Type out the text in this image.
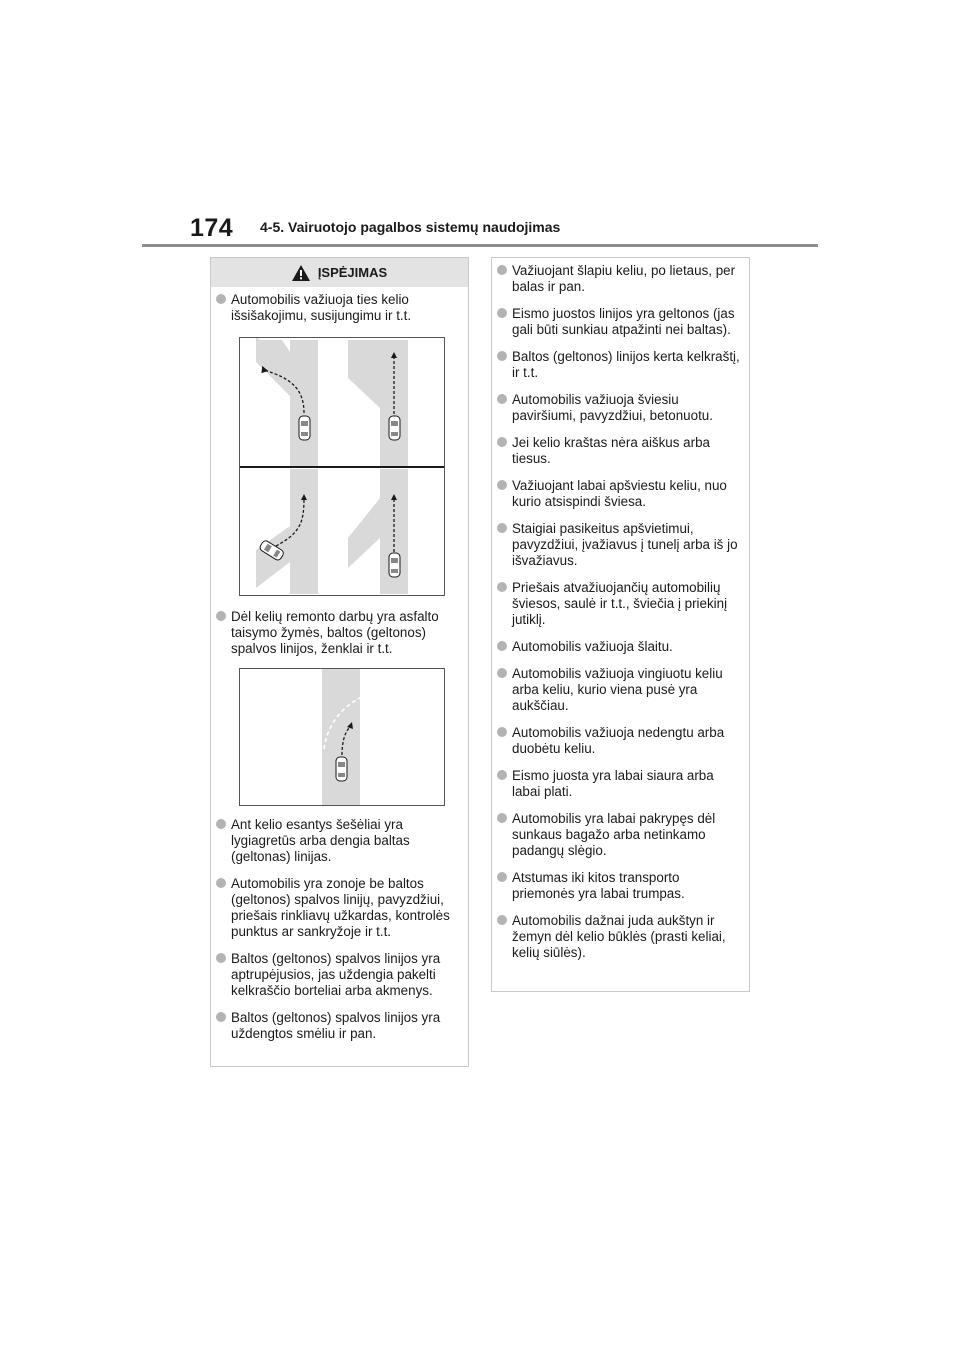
174 4-5. Vairuotojo pagalbos sistemų naudojimas
ĮSPĖJIMAS

Automobilis važiuoja ties kelio išsišakojimu, susijungimu ir t.t.

Dėl kelių remonto darbų yra asfalto taisymo žymės, baltos (geltonos) spalvos linijos, ženklai ir t.t.

Ant kelio esantys šešėliai yra lygiagretūs arba dengia baltas (geltonas) linijas.

Automobilis yra zonoje be baltos (geltonos) spalvos linijų, pavyzdžiui, priešais rinkliavų užkardas, kontrolės punktus ar sankryžoje ir t.t.

Baltos (geltonos) spalvos linijos yra aptrupėjusios, jas uždengia pakelti kelkraščio borteliai arba akmenys.

Baltos (geltonos) spalvos linijos yra uždengtos smėliu ir pan.

Važiuojant šlapiu keliu, po lietaus, per balas ir pan.

Eismo juostos linijos yra geltonos (jas gali būti sunkiau atpažinti nei baltas).

Baltos (geltonos) linijos kerta kelkraštį, ir t.t.

Automobilis važiuoja šviesiu paviršiumi, pavyzdžiui, betonuotu.

Jei kelio kraštas nėra aiškus arba tiesus.

Važiuojant labai apšviestu keliu, nuo kurio atsispindi šviesa.

Staigiai pasikeitus apšvietimui, pavyzdžiui, įvažiavus į tunelį arba iš jo išvažiavus.

Priešais atvažiuojančių automobilių šviesos, saulė ir t.t., šviečia į priekinį jutiklį.

Automobilis važiuoja šlaitu.

Automobilis važiuoja vingiuotu keliu arba keliu, kurio viena pusė yra aukščiau.

Automobilis važiuoja nedengtu arba duobėtu keliu.

Eismo juosta yra labai siaura arba labai plati.

Automobilis yra labai pakrypęs dėl sunkaus bagažo arba netinkamo padangų slėgio.

Atstumas iki kitos transporto priemonės yra labai trumpas.

Automobilis dažnai juda aukštyn ir žemyn dėl kelio būklės (prasti keliai, kelių siūlės).
